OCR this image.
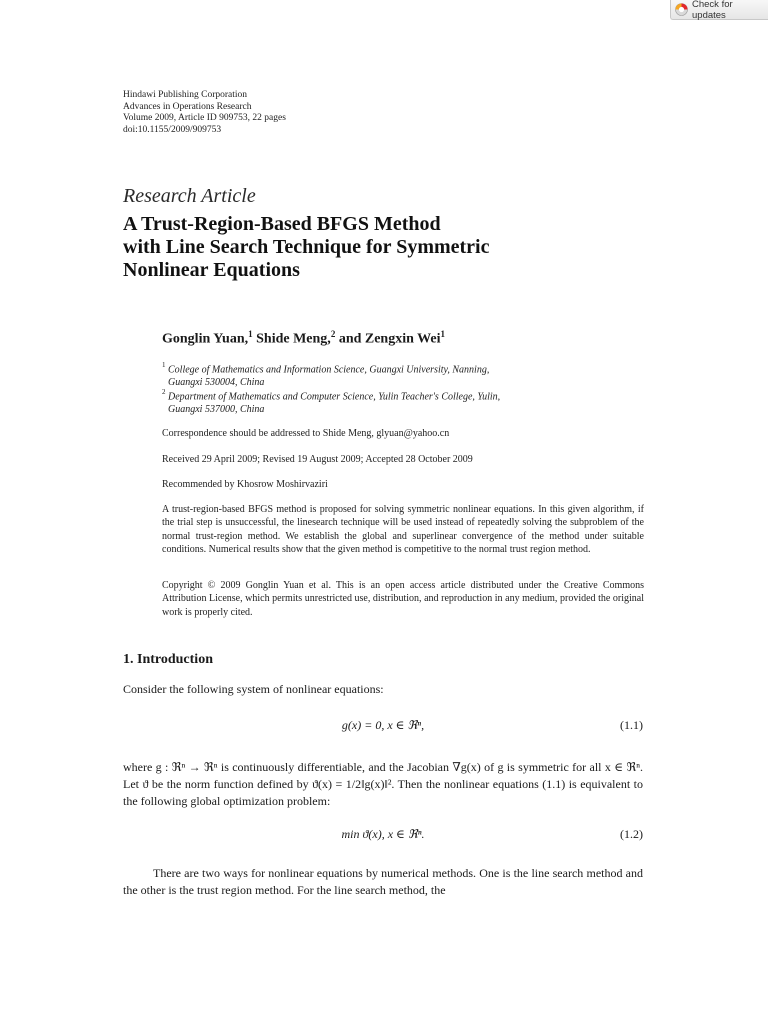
Check for updates
Hindawi Publishing Corporation
Advances in Operations Research
Volume 2009, Article ID 909753, 22 pages
doi:10.1155/2009/909753
Research Article
A Trust-Region-Based BFGS Method
with Line Search Technique for Symmetric
Nonlinear Equations
Gonglin Yuan,$^1$ Shide Meng,$^2$ and Zengxin Wei$^1$
$^1$ College of Mathematics and Information Science, Guangxi University, Nanning,
Guangxi 530004, China
$^2$ Department of Mathematics and Computer Science, Yulin Teacher's College, Yulin,
Guangxi 537000, China
Correspondence should be addressed to Shide Meng, glyuan@yahoo.cn
Received 29 April 2009; Revised 19 August 2009; Accepted 28 October 2009
Recommended by Khosrow Moshirvaziri
A trust-region-based BFGS method is proposed for solving symmetric nonlinear equations. In this given algorithm, if the trial step is unsuccessful, the linesearch technique will be used instead of repeatedly solving the subproblem of the normal trust-region method. We establish the global and superlinear convergence of the method under suitable conditions. Numerical results show that the given method is competitive to the normal trust region method.
Copyright © 2009 Gonglin Yuan et al. This is an open access article distributed under the Creative Commons Attribution License, which permits unrestricted use, distribution, and reproduction in any medium, provided the original work is properly cited.
1. Introduction
Consider the following system of nonlinear equations:
g(x) = 0, x ∈ ℜⁿ,	(1.1)
where g : ℜⁿ → ℜⁿ is continuously differentiable, and the Jacobian ∇g(x) of g is symmetric for all x ∈ ℜⁿ. Let ϑ be the norm function defined by ϑ(x) = 1/2‖g(x)‖². Then the nonlinear equations (1.1) is equivalent to the following global optimization problem:
min ϑ(x), x ∈ ℜⁿ.	(1.2)
There are two ways for nonlinear equations by numerical methods. One is the line search method and the other is the trust region method. For the line search method, the
